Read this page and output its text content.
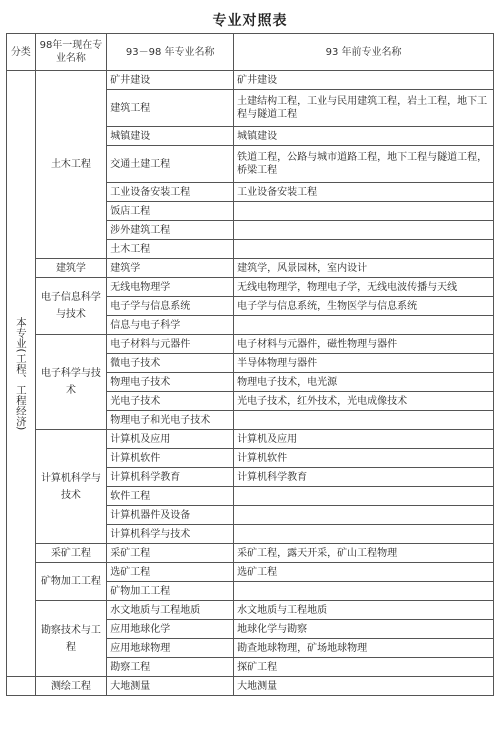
专业对照表
分类	98年一现在专业名称	93－98 年专业名称	93 年前专业名称

本专业(工程、工程经济)	土木工程	矿井建设	矿井建设
		建筑工程	土建结构工程，工业与民用建筑工程，岩土工程，地下工程与隧道工程
		城镇建设	城镇建设
		交通土建工程	铁道工程，公路与城市道路工程，地下工程与隧道工程，桥梁工程
		工业设备安装工程	工业设备安装工程
		饭店工程	
		涉外建筑工程	
		土木工程	
	建筑学	建筑学	建筑学，风景园林，室内设计
	电子信息科学与技术	无线电物理学	无线电物理学，物理电子学，无线电波传播与天线
		电子学与信息系统	电子学与信息系统，生物医学与信息系统
		信息与电子科学	
	电子科学与技术	电子材料与元器件	电子材料与元器件，磁性物理与器件
		微电子技术	半导体物理与器件
		物理电子技术	物理电子技术，电光源
		光电子技术	光电子技术，红外技术，光电成像技术
		物理电子和光电子技术	
	计算机科学与技术	计算机及应用	计算机及应用
		计算机软件	计算机软件
		计算机科学教育	计算机科学教育
		软件工程	
		计算机器件及设备	
		计算机科学与技术	
	采矿工程	采矿工程	采矿工程，露天开采，矿山工程物理
	矿物加工工程	选矿工程	选矿工程
		矿物加工工程	
	勘察技术与工程	水文地质与工程地质	水文地质与工程地质
		应用地球化学	地球化学与勘察
		应用地球物理	勘查地球物理，矿场地球物理
		勘察工程	探矿工程
	测绘工程	大地测量	大地测量
